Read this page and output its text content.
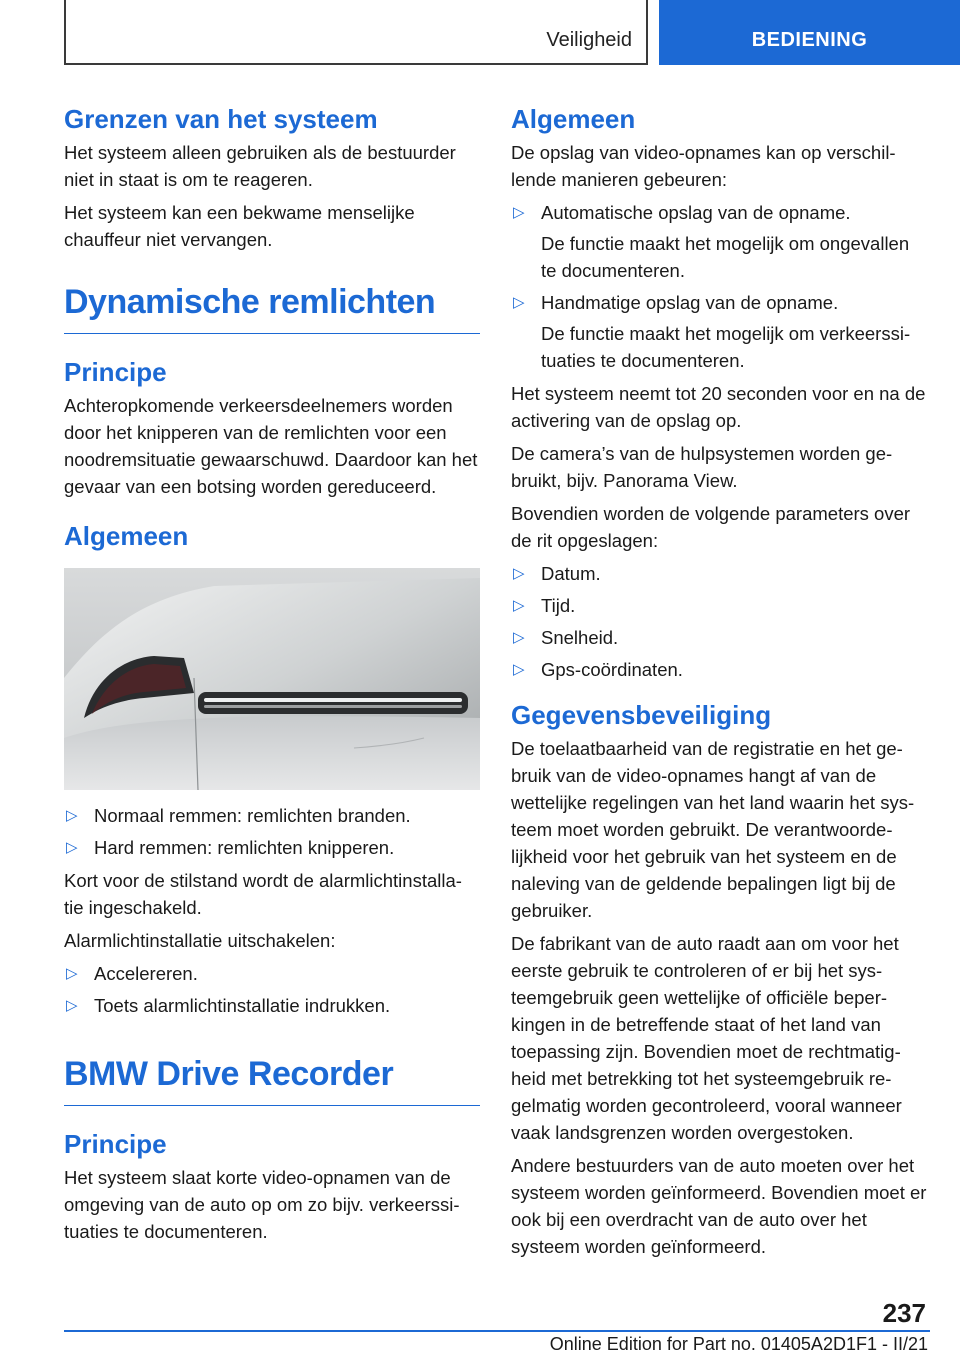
Veiligheid	BEDIENING
Grenzen van het systeem

Het systeem alleen gebruiken als de bestuurder niet in staat is om te reageren.

Het systeem kan een bekwame menselijke chauffeur niet vervangen.

Dynamische remlichten
Principe

Achteropkomende verkeersdeelnemers worden door het knipperen van de remlichten voor een noodremsituatie gewaarschuwd. Daardoor kan het gevaar van een botsing worden gereduceerd.

Algemeen
▷ Normaal remmen: remlichten branden.
▷ Hard remmen: remlichten knipperen.

Kort voor de stilstand wordt de alarmlichtinstalla‐ tie ingeschakeld.

Alarmlichtinstallatie uitschakelen:

▷ Accelereren.
▷ Toets alarmlichtinstallatie indrukken.
BMW Drive Recorder
Principe

Het systeem slaat korte video-opnamen van de omgeving van de auto op om zo bijv. verkeerssi‐ tuaties te documenteren.

Algemeen

De opslag van video-opnames kan op verschil‐ lende manieren gebeuren:

▷ Automatische opslag van de opname.
De functie maakt het mogelijk om ongevallen te documenteren.
▷ Handmatige opslag van de opname.
De functie maakt het mogelijk om verkeerssi‐ tuaties te documenteren.

Het systeem neemt tot 20 seconden voor en na de activering van de opslag op.

De camera’s van de hulpsystemen worden ge‐ bruikt, bijv. Panorama View.

Bovendien worden de volgende parameters over de rit opgeslagen:

▷ Datum.
▷ Tijd.
▷ Snelheid.
▷ Gps-coördinaten.
Gegevensbeveiliging

De toelaatbaarheid van de registratie en het ge‐ bruik van de video-opnames hangt af van de wettelijke regelingen van het land waarin het sys‐ teem moet worden gebruikt. De verantwoorde‐ lijkheid voor het gebruik van het systeem en de naleving van de geldende bepalingen ligt bij de gebruiker.

De fabrikant van de auto raadt aan om voor het eerste gebruik te controleren of er bij het sys‐ teemgebruik geen wettelijke of officiële beper‐ kingen in de betreffende staat of het land van toepassing zijn. Bovendien moet de rechtmatig‐ heid met betrekking tot het systeemgebruik re‐ gelmatig worden gecontroleerd, vooral wanneer vaak landsgrenzen worden overgestoken.

Andere bestuurders van de auto moeten over het systeem worden geïnformeerd. Bovendien moet er ook bij een overdracht van de auto over het systeem worden geïnformeerd.

237
Online Edition for Part no. 01405A2D1F1 - II/21
